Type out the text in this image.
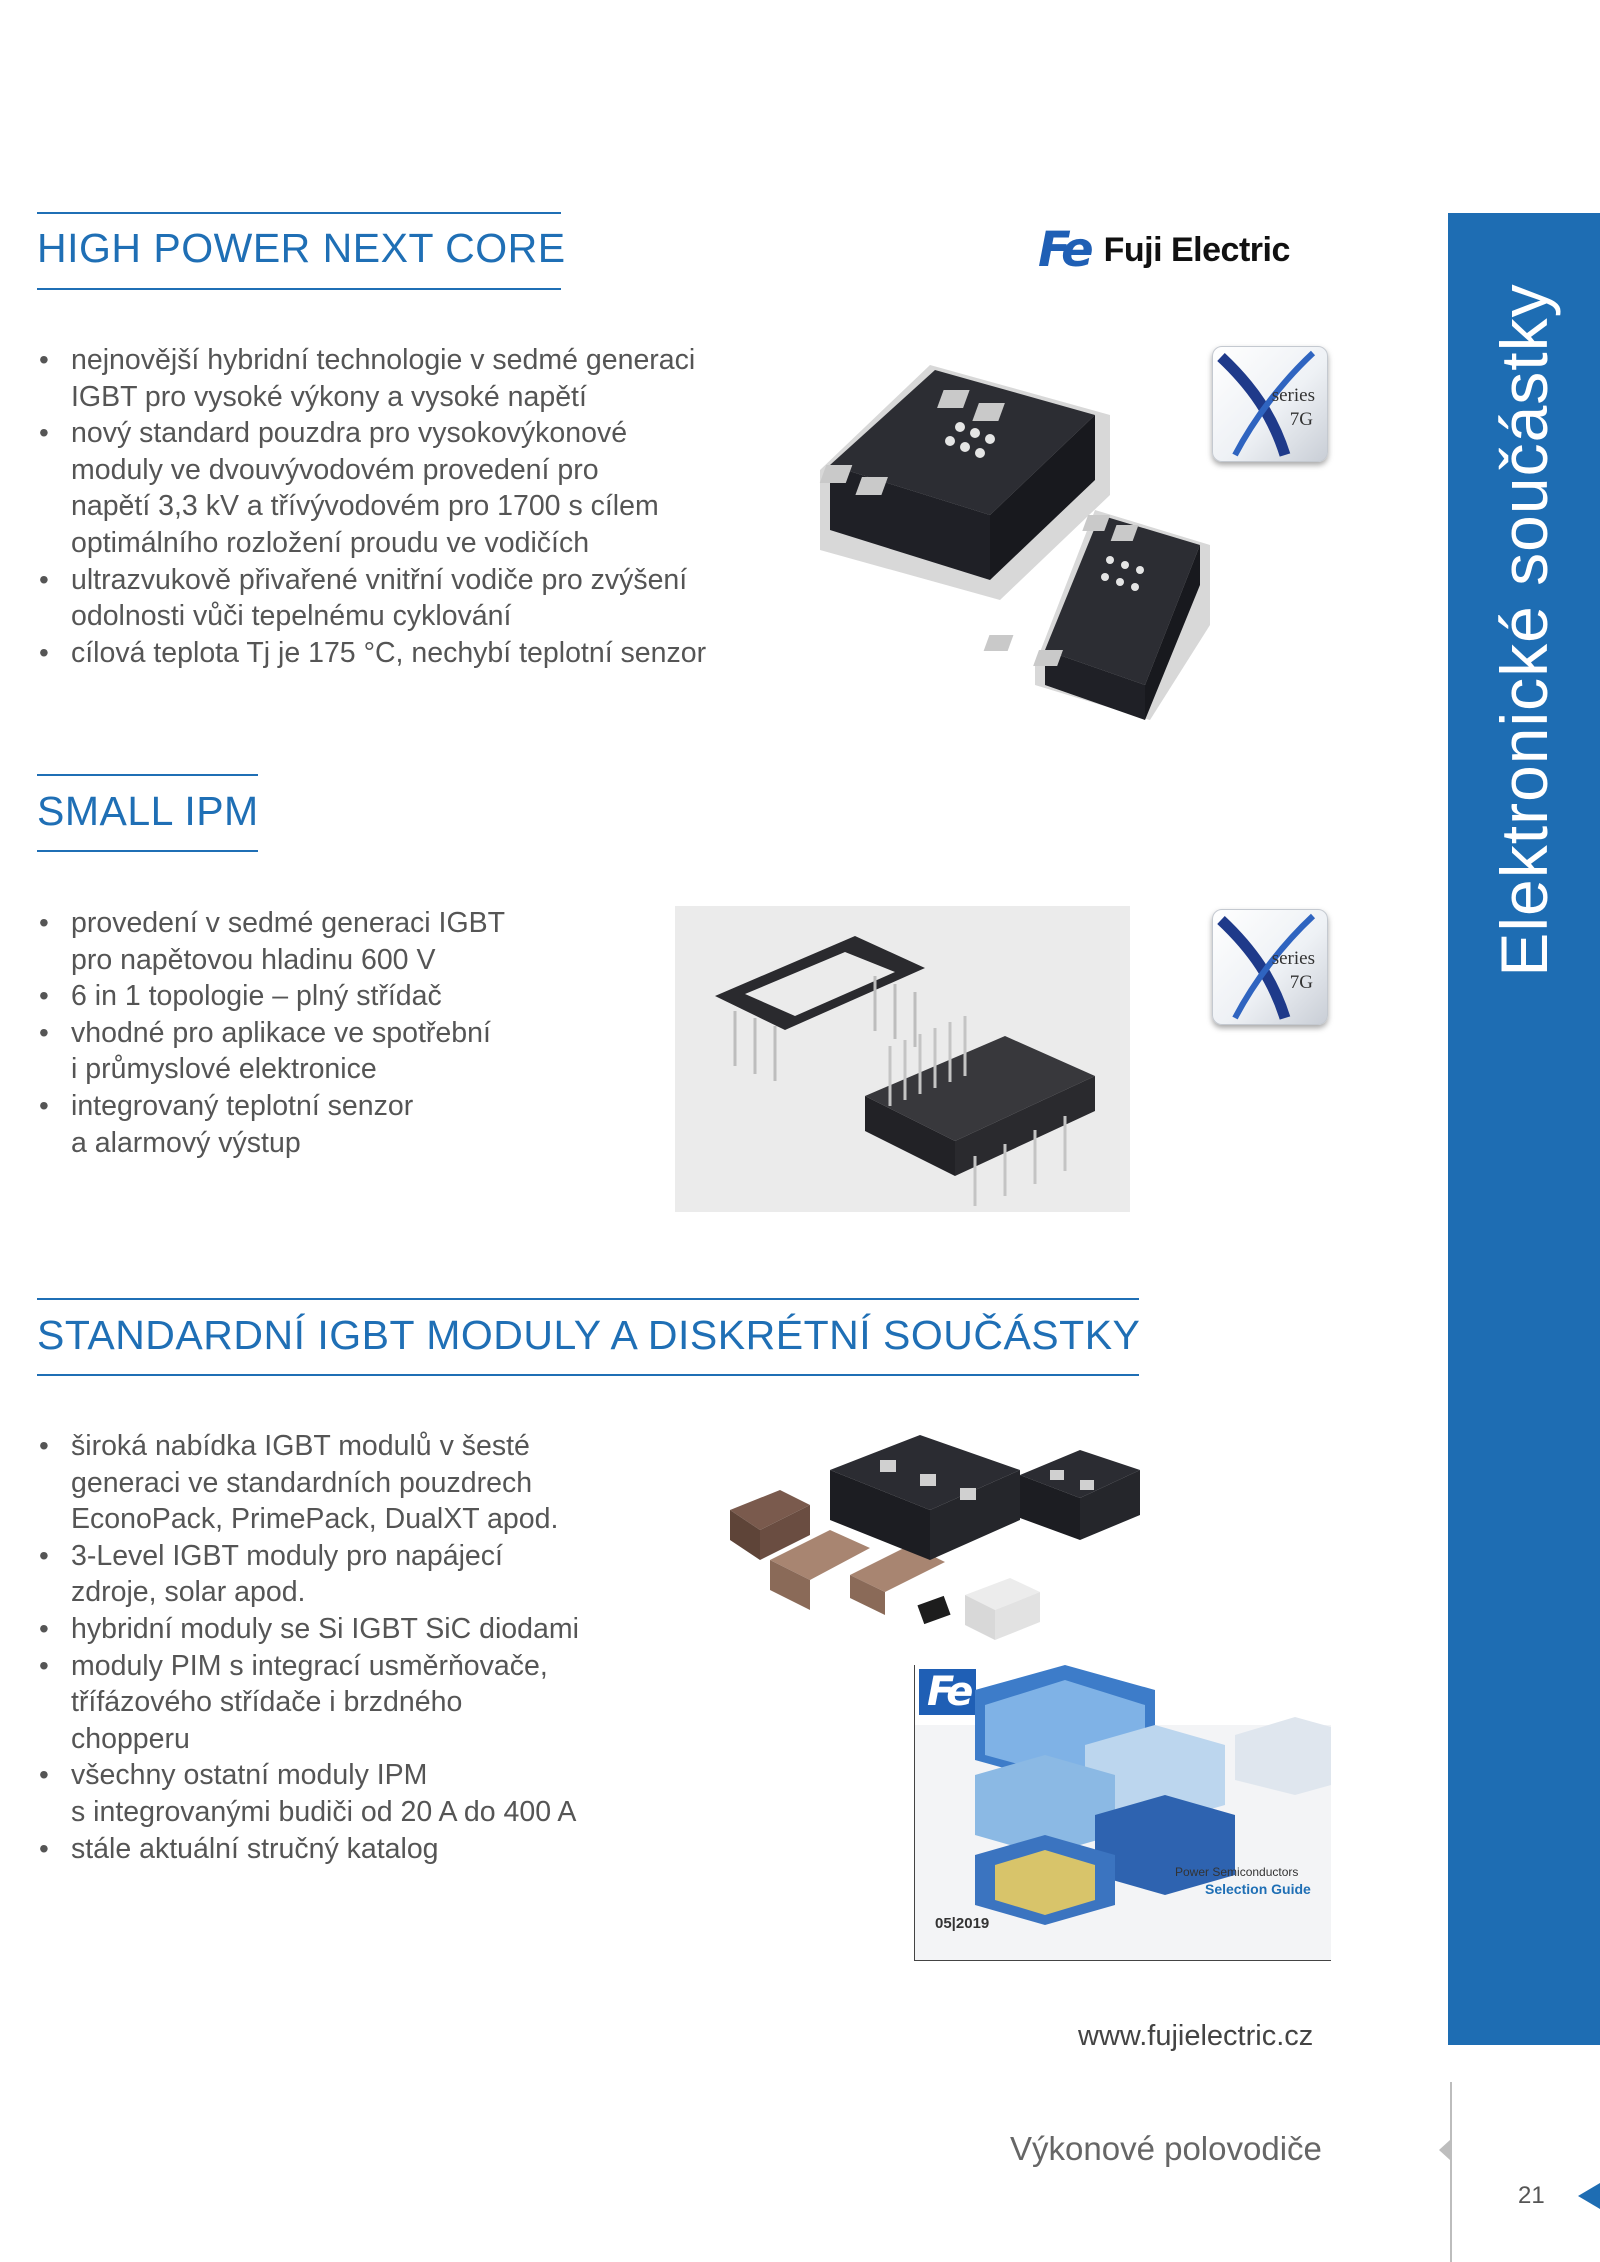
Elektronické součástky
Fe Fuji Electric
HIGH POWER NEXT CORE
• nejnovější hybridní technologie v sedmé generaci
IGBT pro vysoké výkony a vysoké napětí
• nový standard pouzdra pro vysokovýkonové
moduly ve dvouvývodovém provedení pro
napětí 3,3 kV a třívývodovém pro 1700 s cílem
optimálního rozložení proudu ve vodičích
• ultrazvukově přivařené vnitřní vodiče pro zvýšení
odolnosti vůči tepelnému cyklování
• cílová teplota Tj je 175 °C, nechybí teplotní senzor
series
7G
SMALL IPM
• provedení v sedmé generaci IGBT
pro napětovou hladinu 600 V
• 6 in 1 topologie – plný střídač
• vhodné pro aplikace ve spotřební
i průmyslové elektronice
• integrovaný teplotní senzor
a alarmový výstup
series
7G
STANDARDNÍ IGBT MODULY A DISKRÉTNÍ SOUČÁSTKY
• široká nabídka IGBT modulů v šesté
generaci ve standardních pouzdrech
EconoPack, PrimePack, DualXT apod.
• 3-Level IGBT moduly pro napájecí
zdroje, solar apod.
• hybridní moduly se Si IGBT SiC diodami
• moduly PIM s integrací usměrňovače,
třífázového střídače i brzdného
chopperu
• všechny ostatní moduly IPM
s integrovanými budiči od 20 A do 400 A
• stále aktuální stručný katalog
Fe
Power Semiconductors
Selection Guide
05|2019
www.fujielectric.cz
Výkonové polovodiče
21
